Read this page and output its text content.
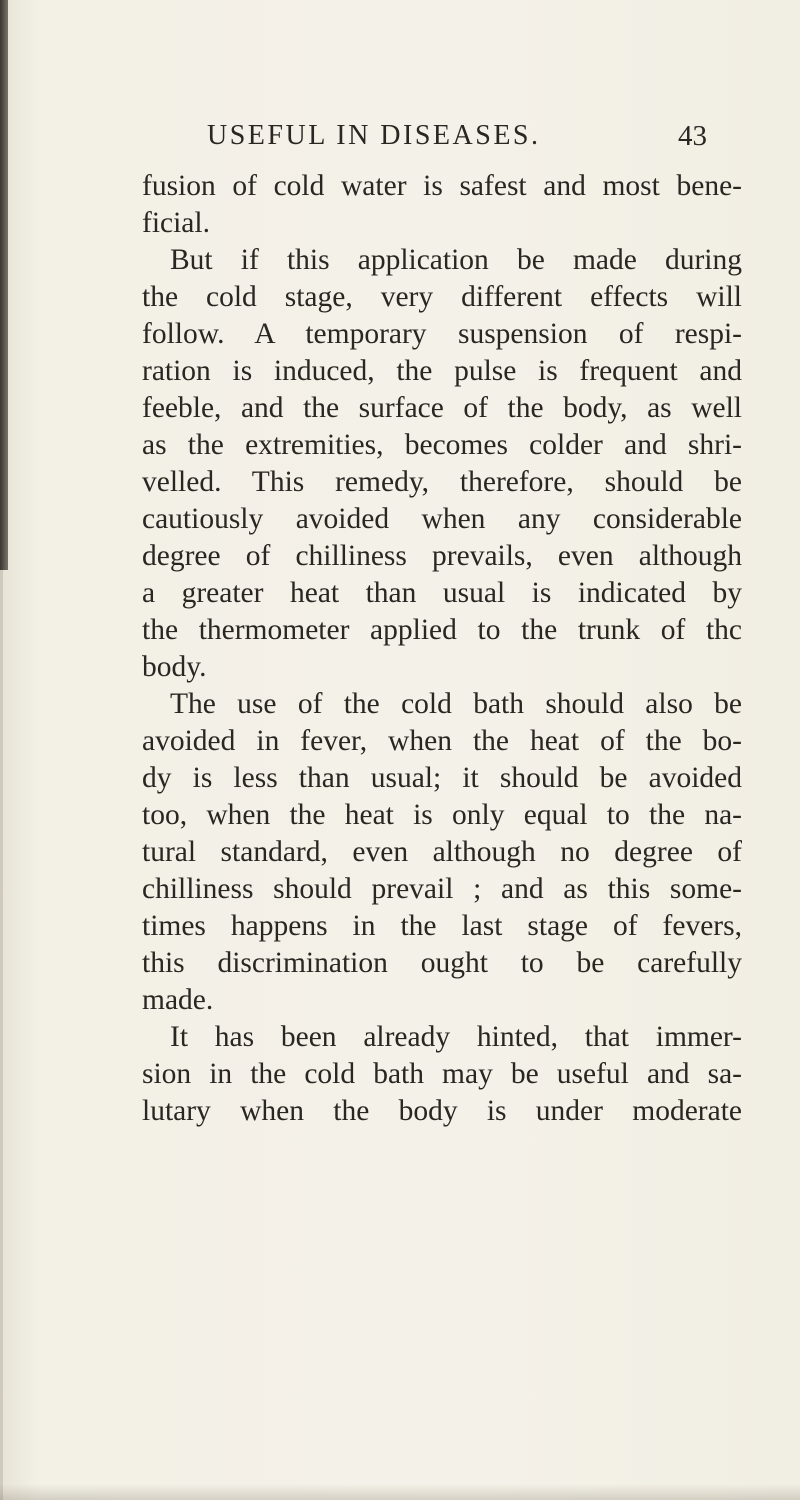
USEFUL IN DISEASES.	43
fusion of cold water is safest and most bene-
ficial.
But if this application be made during
the cold stage, very different effects will
follow. A temporary suspension of respi-
ration is induced, the pulse is frequent and
feeble, and the surface of the body, as well
as the extremities, becomes colder and shri-
velled. This remedy, therefore, should be
cautiously avoided when any considerable
degree of chilliness prevails, even although
a greater heat than usual is indicated by
the thermometer applied to the trunk of thc
body.
The use of the cold bath should also be
avoided in fever, when the heat of the bo-
dy is less than usual; it should be avoided
too, when the heat is only equal to the na-
tural standard, even although no degree of
chilliness should prevail ; and as this some-
times happens in the last stage of fevers,
this discrimination ought to be carefully
made.
It has been already hinted, that immer-
sion in the cold bath may be useful and sa-
lutary when the body is under moderate
